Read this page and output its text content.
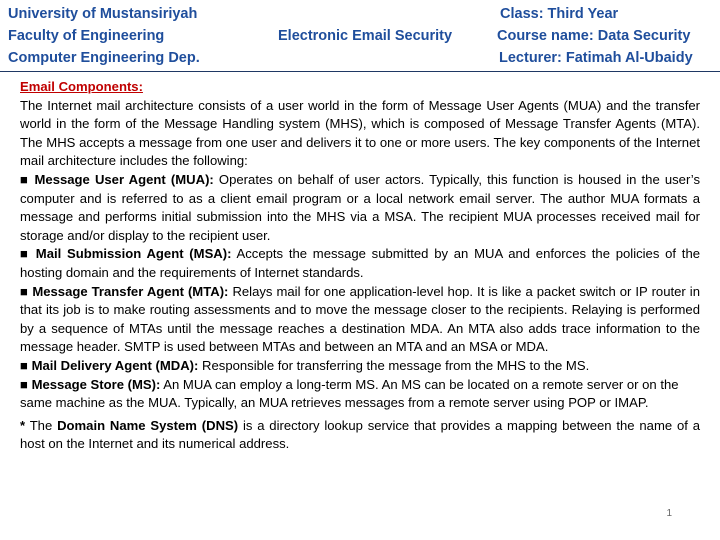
University of Mustansiriyah
Faculty of Engineering
Computer Engineering Dep.
Electronic Email Security
Class: Third Year
Course name: Data Security
Lecturer: Fatimah Al-Ubaidy

Email Components:

The Internet mail architecture consists of a user world in the form of Message User Agents (MUA) and the transfer world in the form of the Message Handling system (MHS), which is composed of Message Transfer Agents (MTA). The MHS accepts a message from one user and delivers it to one or more users. The key components of the Internet mail architecture includes the following:

■ Message User Agent (MUA): Operates on behalf of user actors. Typically, this function is housed in the user’s computer and is referred to as a client email program or a local network email server. The author MUA formats a message and performs initial submission into the MHS via a MSA. The recipient MUA processes received mail for storage and/or display to the recipient user.

■ Mail Submission Agent (MSA): Accepts the message submitted by an MUA and enforces the policies of the hosting domain and the requirements of Internet standards.

■ Message Transfer Agent (MTA): Relays mail for one application-level hop. It is like a packet switch or IP router in that its job is to make routing assessments and to move the message closer to the recipients. Relaying is performed by a sequence of MTAs until the message reaches a destination MDA. An MTA also adds trace information to the message header. SMTP is used between MTAs and between an MTA and an MSA or MDA.

■ Mail Delivery Agent (MDA): Responsible for transferring the message from the MHS to the MS.

■ Message Store (MS): An MUA can employ a long-term MS. An MS can be located on a remote server or on the same machine as the MUA. Typically, an MUA retrieves messages from a remote server using POP or IMAP.

* The Domain Name System (DNS) is a directory lookup service that provides a mapping between the name of a host on the Internet and its numerical address.

1
